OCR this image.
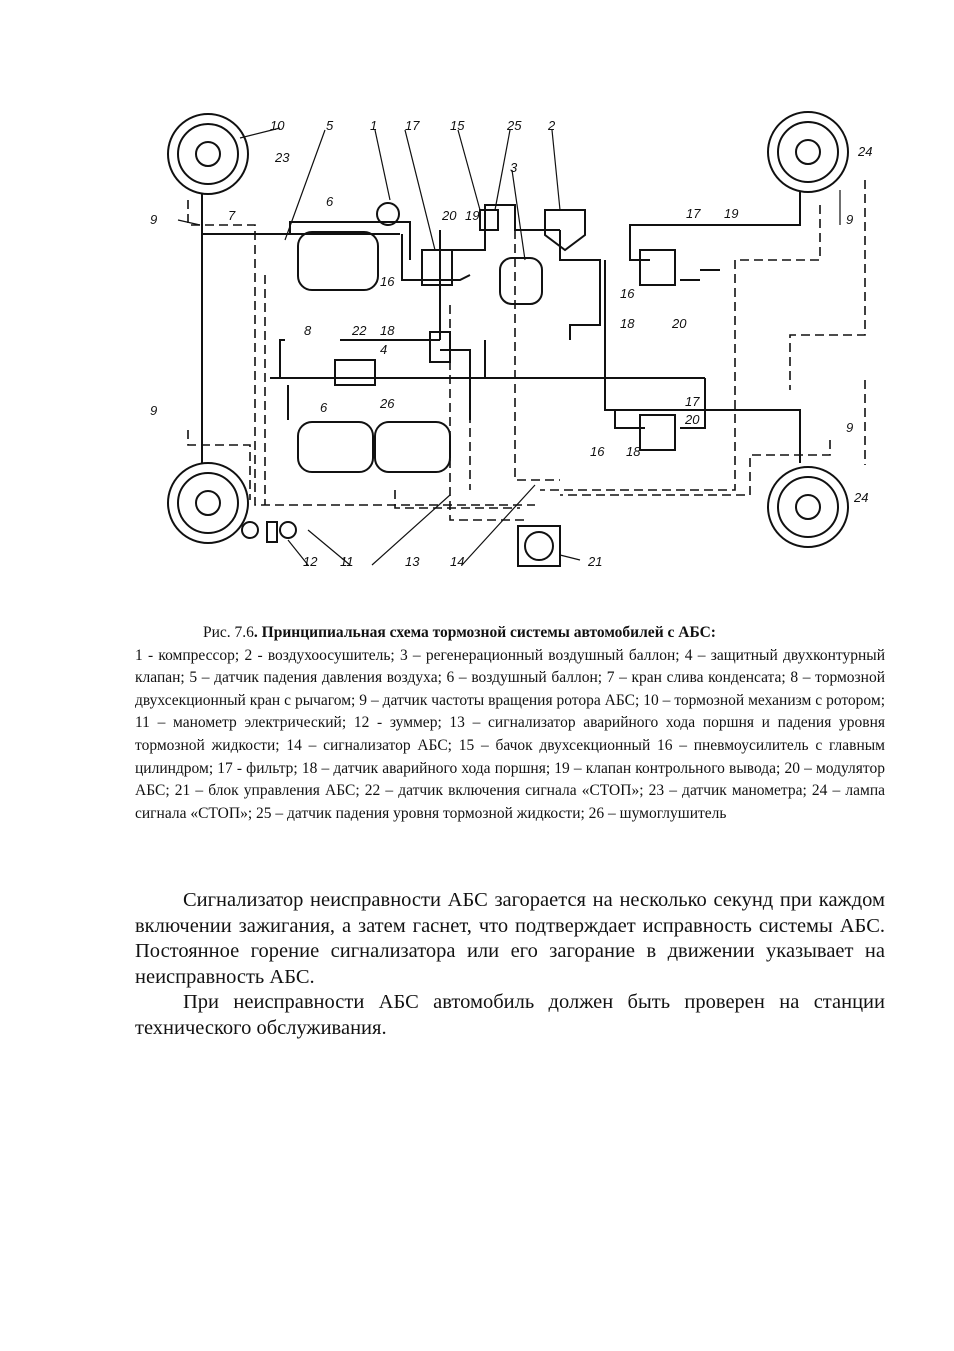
10	5	1 17 15	25 2
23
3
7
6
20 19	17 19
24
9
16
18
22
8
4
26
6
9
16
18	20
17
20
16 18
9
24
12 11	13 14	21
9
Рис. 7.6. Принципиальная схема тормозной системы автомобилей с АБС:
1 - компрессор; 2 - воздухоосушитель; 3 – регенерационный воздушный баллон; 4 – защитный двухконтурный клапан; 5 – датчик падения давления воздуха; 6 – воздушный баллон; 7 – кран слива конденсата; 8 – тормозной двухсекционный кран с рычагом; 9 – датчик частоты вращения ротора АБС; 10 – тормозной механизм с ротором; 11 – манометр электрический; 12 - зуммер; 13 – сигнализатор аварийного хода поршня и падения уровня тормозной жидкости; 14 – сигнализатор АБС; 15 – бачок двухсекционный 16 – пневмоусилитель с главным цилиндром; 17 - фильтр; 18 – датчик аварийного хода поршня; 19 – клапан контрольного вывода; 20 – модулятор АБС; 21 – блок управления АБС; 22 – датчик включения сигнала «СТОП»; 23 – датчик манометра; 24 – лампа сигнала «СТОП»; 25 – датчик падения уровня тормозной жидкости; 26 – шумоглушитель

Сигнализатор неисправности АБС загорается на несколько секунд при каждом включении зажигания, а затем гаснет, что подтверждает исправность системы АБС. Постоянное горение сигнализатора или его загорание в движении указывает на неисправность АБС.

При неисправности АБС автомобиль должен быть проверен на станции технического обслуживания.
